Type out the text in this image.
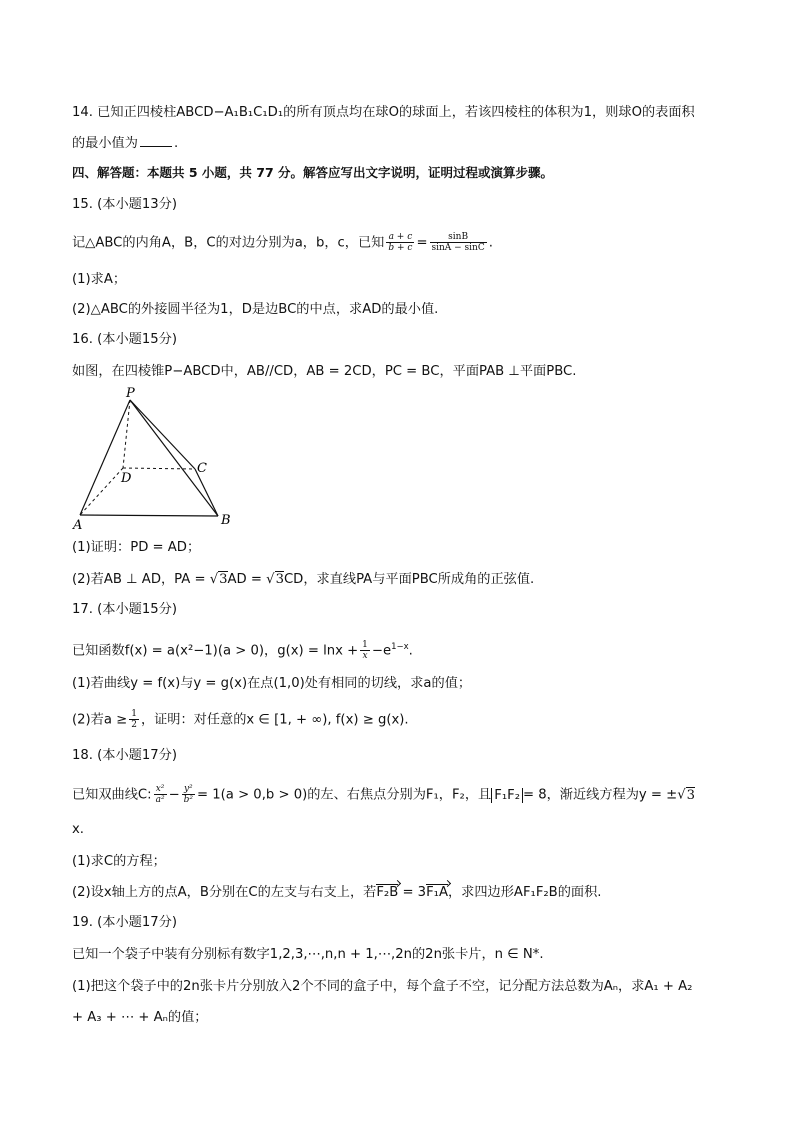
14. 已知正四棱柱ABCD−A₁B₁C₁D₁的所有顶点均在球O的球面上，若该四棱柱的体积为1，则球O的表面积
的最小值为	.
四、解答题：本题共 5 小题，共 77 分。解答应写出文字说明，证明过程或演算步骤。
15. (本小题13分)
记△ABC的内角A，B，C的对边分别为a，b，c，已知 $\frac{a + c}{b + c} = \frac{\sin B}{\sin A - \sin C}$ .
(1)求A；
(2)△ABC的外接圆半径为1，D是边BC的中点，求AD的最小值.
16. (本小题15分)
如图，在四棱锥P−ABCD中，AB//CD，AB = 2CD，PC = BC，平面PAB ⊥平面PBC.
P
A	B
C
D
(1)证明：PD = AD；
(2)若AB ⊥ AD，PA = √3AD = √3CD，求直线PA与平面PBC所成角的正弦值.
17. (本小题15分)
已知函数f(x) = a(x²−1)(a > 0)，$g(x) = \ln x + \frac{1}{x} -e^{1-x}$.
(1)若曲线y = f(x)与y = g(x)在点(1,0)处有相同的切线，求a的值；
(2)若$a \ge \frac{1}{2}$ ，证明：对任意的x ∈ [1, + ∞), f(x) ≥ g(x).
18. (本小题17分)
已知双曲线C: $\frac{\text{x²}}{\text{a²}} - \frac{\text{y²}}{\text{b²}} = 1(a > 0,b > 0)$的左、右焦点分别为F₁，F₂，且 F₁F₂ = 8，渐近线方程为y = ±√3
x.
(1)求C的方程；
(2)设x轴上方的点A，B分别在C的左支与右支上，若F₂B = 3F₁A，求四边形AF₁F₂B的面积.
19. (本小题17分)
已知一个袋子中装有分别标有数字1,2,3,⋯,n,n + 1,⋯,2n的2n张卡片，n ∈ N*.
(1)把这个袋子中的2n张卡片分别放入2个不同的盒子中，每个盒子不空，记分配方法总数为Aₙ，求A₁ + A₂
+ A₃ + ⋯ + Aₙ的值；
